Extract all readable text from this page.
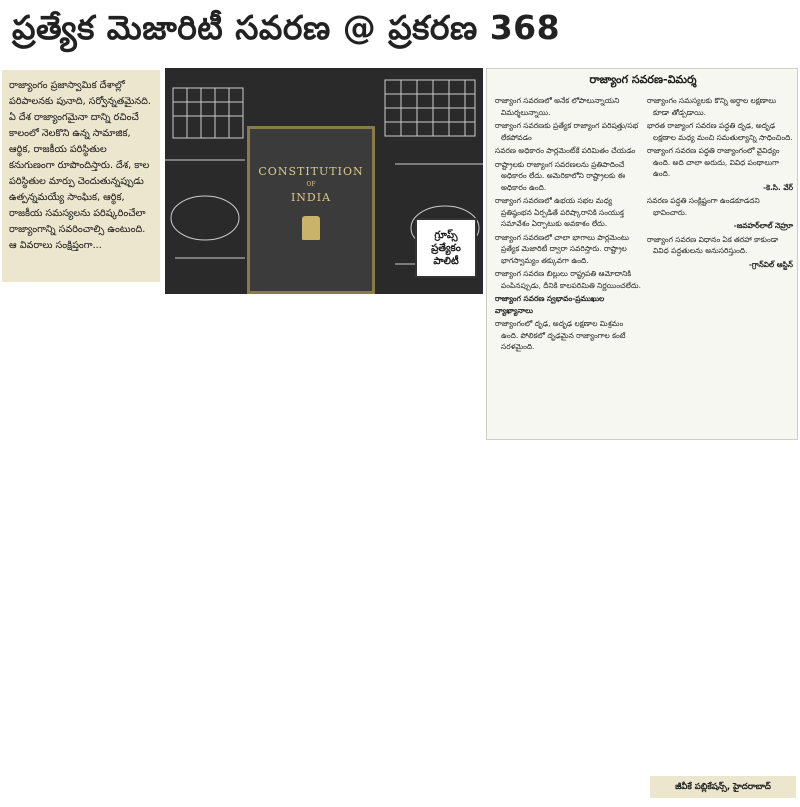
ప్రత్యేక మెజారిటీ సవరణ @ ప్రకరణ 368
రాజ్యాంగం ప్రజాస్వామిక దేశాల్లో పరిపాలనకు పునాది, సర్వోన్నతమైనది. ఏ దేశ రాజ్యాంగమైనా దాన్ని రచించే కాలంలో నెలకొని ఉన్న సామాజిక, ఆర్థిక, రాజకీయ పరిస్థితుల కనుగుణంగా రూపొందిస్తారు. దేశ, కాల పరిస్థితుల మార్పు చెందుతున్నప్పుడు ఉత్పన్నమయ్యే సాంఘిక, ఆర్థిక, రాజకీయ సమస్యలను పరిష్కరించేలా రాజ్యాంగాన్ని సవరించాల్సి ఉంటుంది. ఆ వివరాలు సంక్షిప్తంగా...
CONSTITUTION
OF
INDIA
గ్రూప్స్
ప్రత్యేకం
పాలిటీ
రాజ్యాంగ సవరణ-విమర్శ

రాజ్యాంగ సవరణలో అనేక లోపాలున్నాయని విమర్శలున్నాయి.

రాజ్యాంగ సవరణకు ప్రత్యేక రాజ్యాంగ పరిషత్తు/సభ లేకపోవడం

సవరణ అధికారం పార్లమెంట్‌కే పరిమితం చేయడం

రాష్ట్రాలకు రాజ్యాంగ సవరణలను ప్రతిపాదించే అధికారం లేదు. అమెరికాలోని రాష్ట్రాలకు ఈ అధికారం ఉంది.

రాజ్యాంగ సవరణలో ఉభయ సభల మధ్య ప్రతిష్ఠంభన ఏర్పడితే పరిష్కారానికి సంయుక్త సమావేశం ఏర్పాటుకు అవకాశం లేదు.

రాజ్యాంగ సవరణలో చాలా భాగాలు పార్లమెంటు ప్రత్యేక మెజారిటీ ద్వారా సవరిస్తారు. రాష్ట్రాల భాగస్వామ్యం తక్కువగా ఉంది.

రాజ్యాంగ సవరణ బిల్లులు రాష్ట్రపతి ఆమోదానికి పంపినప్పుడు, దీనికి కాలపరిమితి నిర్ణయించలేదు.

రాజ్యాంగ సవరణ స్వభావం-ప్రముఖుల వ్యాఖ్యానాలు

రాజ్యాంగంలో దృఢ, అదృఢ లక్షణాల మిశ్రమం ఉంది. పోలికలో దృఢమైన రాజ్యాంగాల కంటే సరళమైంది.

రాజ్యాంగం సమస్యలకు కొన్ని అర్థాల లక్షణాలు కూడా తోడ్పడాయి.

భారత రాజ్యాంగ సవరణ పద్ధతి దృఢ, అదృఢ లక్షణాల మధ్య మంచి సమతుల్యాన్ని సాధించింది.

రాజ్యాంగ సవరణ పద్ధతి రాజ్యాంగంలో వైవిధ్యం ఉంది. అది చాలా అరుదు, వివిధ పంథాలుగా ఉంది.

-కె.సి. వేర్

సవరణ పద్ధతి సంక్లిష్టంగా ఉండకూడదని భావించారు.

-జవహర్‌లాల్ నెహ్రూ

రాజ్యాంగ సవరణ విధానం ఏక తరహా కాకుండా వివిధ పద్ధతులను అనుసరిస్తుంది.

-గ్రాన్‌విల్ ఆస్టిన్

జీవీకే పబ్లికేషన్స్, హైదరాబాద్
